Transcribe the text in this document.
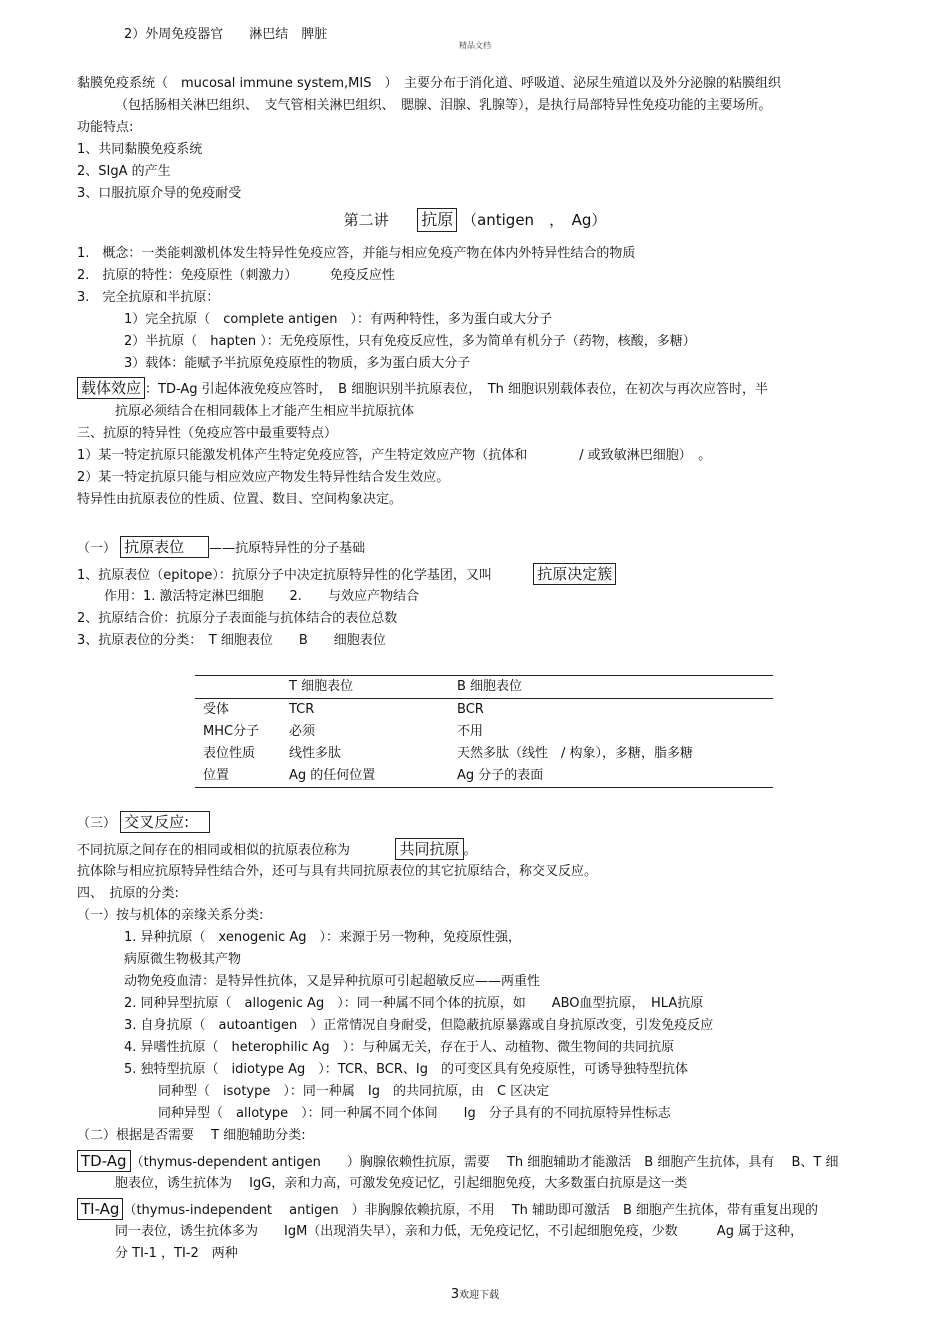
精品文档
2）外周免疫器官　　淋巴结　脾脏
黏膜免疫系统（　mucosal immune system,MIS　）　主要分布于消化道、呼吸道、泌尿生殖道以及外分泌腺的粘膜组织
（包括肠相关淋巴组织、　支气管相关淋巴组织、　腮腺、泪腺、乳腺等），是执行局部特异性免疫功能的主要场所。
功能特点:
1、共同黏膜免疫系统
2、SIgA 的产生
3、口服抗原介导的免疫耐受
第二讲 抗原 （antigen　，　Ag）
1.　概念：一类能刺激机体发生特异性免疫应答，并能与相应免疫产物在体内外特异性结合的物质
2.　抗原的特性：免疫原性（刺激力）　　　免疫反应性
3.　完全抗原和半抗原：
1）完全抗原（　complete antigen　）：有两种特性，多为蛋白或大分子
2）半抗原（　hapten ）：无免疫原性，只有免疫反应性，多为简单有机分子（药物，核酸，多糖）
3）载体：能赋予半抗原免疫原性的物质，多为蛋白质大分子
载体效应 ：TD-Ag 引起体液免疫应答时，　B 细胞识别半抗原表位，　Th 细胞识别载体表位，在初次与再次应答时，半
抗原必须结合在相同载体上才能产生相应半抗原抗体
三、抗原的特异性（免疫应答中最重要特点）
1）某一特定抗原只能激发机体产生特定免疫应答，产生特定效应产物（抗体和　　　　/ 或致敏淋巴细胞）　。
2）某一特定抗原只能与相应效应产物发生特异性结合发生效应。
特异性由抗原表位的性质、位置、数目、空间构象决定。
（一） 抗原表位 ——抗原特异性的分子基础
1、抗原表位（epitope）：抗原分子中决定抗原特异性的化学基团，又叫	抗原决定簇
作用：1. 激活特定淋巴细胞　　2.　　与效应产物结合
2、抗原结合价：抗原分子表面能与抗体结合的表位总数
3、抗原表位的分类：　T 细胞表位　　B　　细胞表位
	T 细胞表位	B 细胞表位
受体	TCR	BCR
MHC分子	必须	不用
表位性质	线性多肽	天然多肽（线性　/ 构象），多糖，脂多糖
位置	Ag 的任何位置	Ag 分子的表面
（三） 交叉反应:
不同抗原之间存在的相同或相似的抗原表位称为	共同抗原 。
抗体除与相应抗原特异性结合外，还可与具有共同抗原表位的其它抗原结合，称交叉反应。
四、　抗原的分类:
（一）按与机体的亲缘关系分类:
1. 异种抗原（　xenogenic Ag　）：来源于另一物种，免疫原性强，
病原微生物极其产物
动物免疫血清：是特异性抗体，又是异种抗原可引起超敏反应——两重性
2. 同种异型抗原（　allogenic Ag　）：同一种属不同个体的抗原，如　　ABO血型抗原，　HLA抗原
3. 自身抗原（　autoantigen　）正常情况自身耐受，但隐蔽抗原暴露或自身抗原改变，引发免疫反应
4. 异嗜性抗原（　heterophilic Ag　）：与种属无关，存在于人、动植物、微生物间的共同抗原
5. 独特型抗原（　idiotype Ag　）：TCR、BCR、Ig　的可变区具有免疫原性，可诱导独特型抗体
同种型（　isotype　）：同一种属　Ig　的共同抗原，由　C 区决定
同种异型（　allotype　）：同一种属不同个体间　　Ig　分子具有的不同抗原特异性标志
（二）根据是否需要　 T 细胞辅助分类:
TD-Ag （thymus-dependent antigen　　）胸腺依赖性抗原，需要　 Th 细胞辅助才能激活　B 细胞产生抗体，具有　 B、T 细
胞表位，诱生抗体为　 IgG，亲和力高，可激发免疫记忆，引起细胞免疫，大多数蛋白抗原是这一类
TI-Ag （thymus-independent　 antigen　）非胸腺依赖抗原，不用　 Th 辅助即可激活　B 细胞产生抗体，带有重复出现的
同一表位，诱生抗体多为　　IgM（出现消失早），亲和力低，无免疫记忆，不引起细胞免疫，少数　　　Ag 属于这种，
分 TI-1 ，TI-2　两种
3欢迎下载
